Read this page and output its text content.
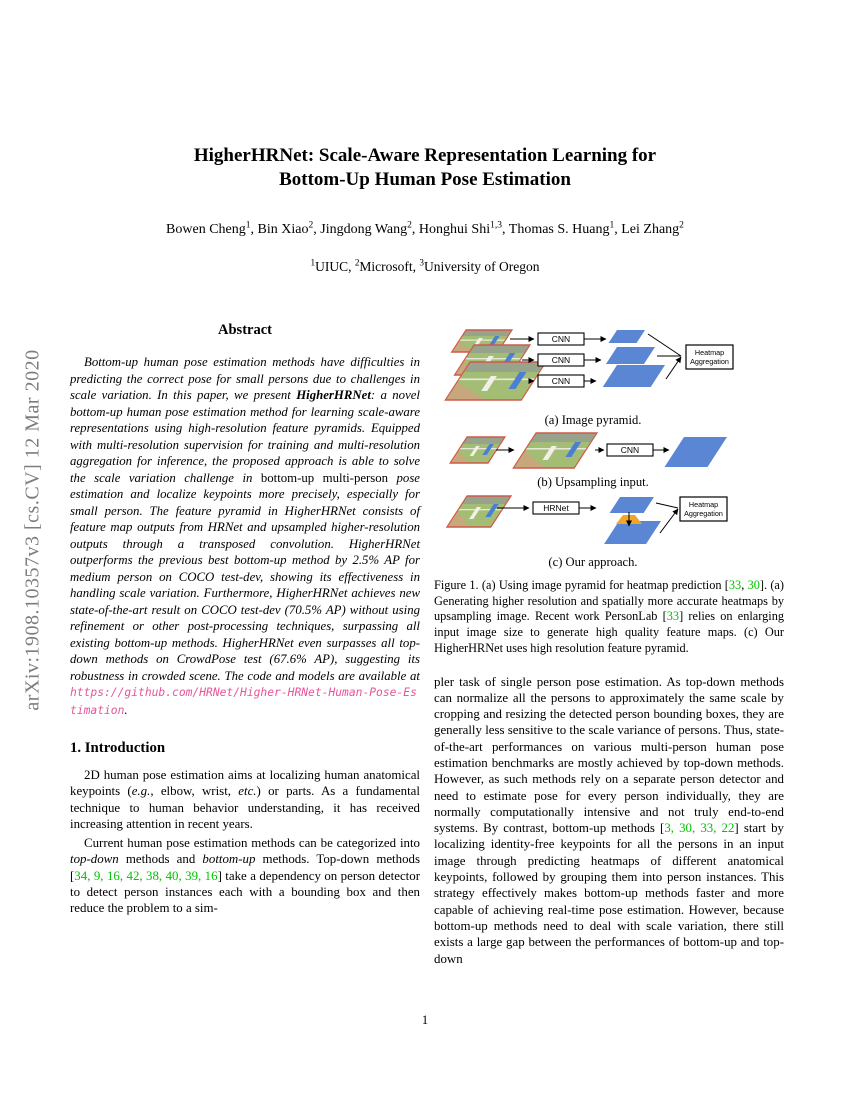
arXiv:1908.10357v3 [cs.CV] 12 Mar 2020
HigherHRNet: Scale-Aware Representation Learning for
Bottom-Up Human Pose Estimation
Bowen Cheng$^1$, Bin Xiao$^2$, Jingdong Wang$^2$, Honghui Shi$^{1,3}$, Thomas S. Huang$^1$, Lei Zhang$^2$
$^1$UIUC, $^2$Microsoft, $^3$University of Oregon
Abstract

Bottom-up human pose estimation methods have difficulties in predicting the correct pose for small persons due to challenges in scale variation. In this paper, we present HigherHRNet: a novel bottom-up human pose estimation method for learning scale-aware representations using high-resolution feature pyramids. Equipped with multi-resolution supervision for training and multi-resolution aggregation for inference, the proposed approach is able to solve the scale variation challenge in bottom-up multi-person pose estimation and localize keypoints more precisely, especially for small person. The feature pyramid in HigherHRNet consists of feature map outputs from HRNet and upsampled higher-resolution outputs through a transposed convolution. HigherHRNet outperforms the previous best bottom-up method by 2.5% AP for medium person on COCO test-dev, showing its effectiveness in handling scale variation. Furthermore, HigherHRNet achieves new state-of-the-art result on COCO test-dev (70.5% AP) without using refinement or other post-processing techniques, surpassing all existing bottom-up methods. HigherHRNet even surpasses all top-down methods on CrowdPose test (67.6% AP), suggesting its robustness in crowded scene. The code and models are available at https://github.com/HRNet/Higher-HRNet-Human-Pose-Estimation.

1. Introduction

2D human pose estimation aims at localizing human anatomical keypoints (e.g., elbow, wrist, etc.) or parts. As a fundamental technique to human behavior understanding, it has received increasing attention in recent years.

Current human pose estimation methods can be categorized into top-down methods and bottom-up methods. Top-down methods [34, 9, 16, 42, 38, 40, 39, 16] take a dependency on person detector to detect person instances each with a bounding box and then reduce the problem to a sim-

CNN
CNN
CNN
Heatmap
Aggregation
CNN
HRNet	Heatmap
Aggregation
(a) Image pyramid.
(b) Upsampling input.
(c) Our approach.

Figure 1. (a) Using image pyramid for heatmap prediction [33, 30]. (a) Generating higher resolution and spatially more accurate heatmaps by upsampling image. Recent work PersonLab [33] relies on enlarging input image size to generate high quality feature maps. (c) Our HigherHRNet uses high resolution feature pyramid.

pler task of single person pose estimation. As top-down methods can normalize all the persons to approximately the same scale by cropping and resizing the detected person bounding boxes, they are generally less sensitive to the scale variance of persons. Thus, state-of-the-art performances on various multi-person human pose estimation benchmarks are mostly achieved by top-down methods. However, as such methods rely on a separate person detector and need to estimate pose for every person individually, they are normally computationally intensive and not truly end-to-end systems. By contrast, bottom-up methods [3, 30, 33, 22] start by localizing identity-free keypoints for all the persons in an input image through predicting heatmaps of different anatomical keypoints, followed by grouping them into person instances. This strategy effectively makes bottom-up methods faster and more capable of achieving real-time pose estimation. However, because bottom-up methods need to deal with scale variation, there still exists a large gap between the performances of bottom-up and top-down

1
